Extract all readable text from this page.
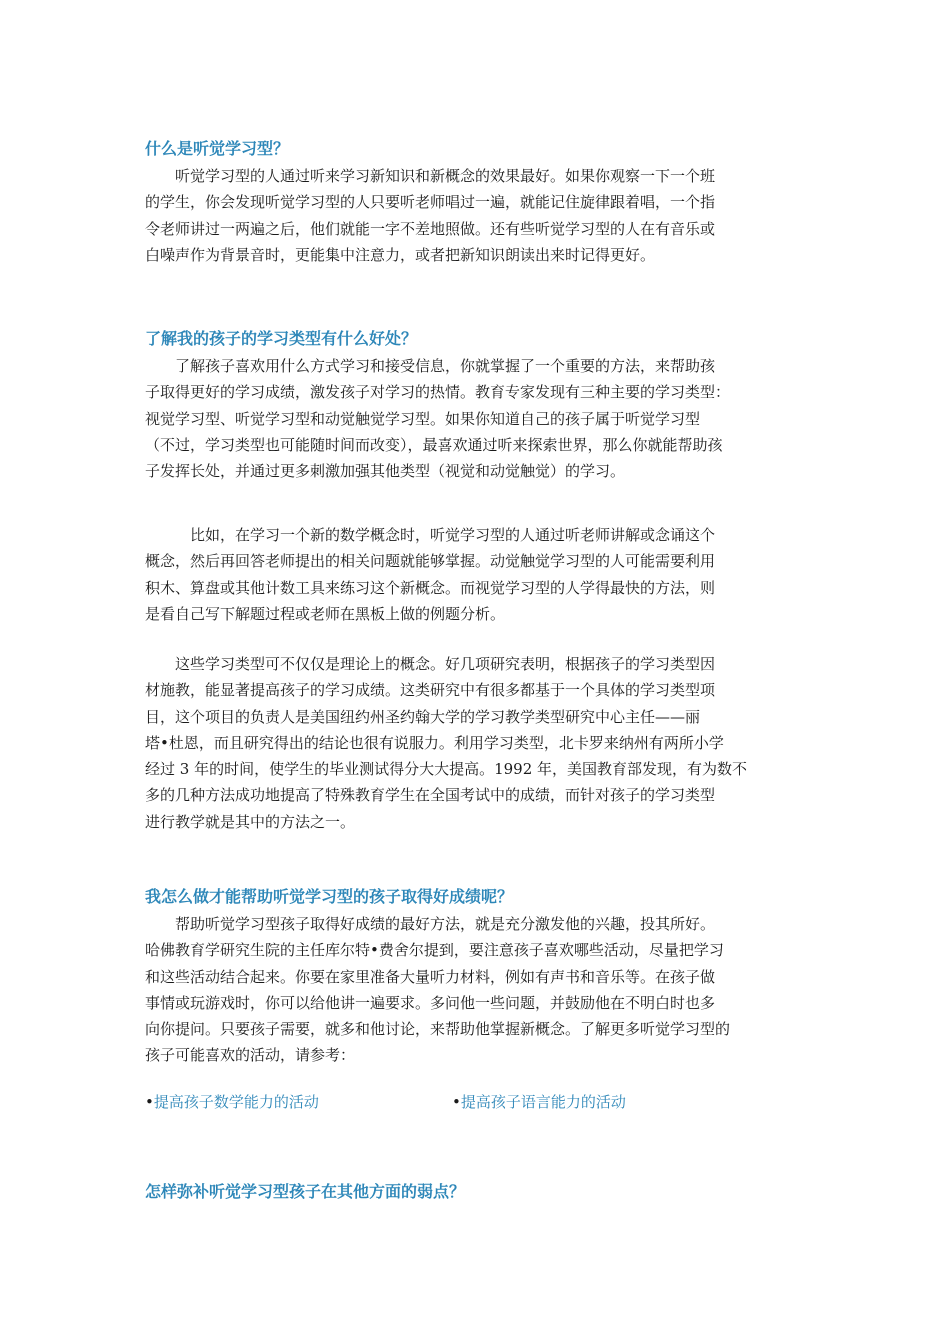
什么是听觉学习型？

　　听觉学习型的人通过听来学习新知识和新概念的效果最好。如果你观察一下一个班
的学生，你会发现听觉学习型的人只要听老师唱过一遍，就能记住旋律跟着唱，一个指
令老师讲过一两遍之后，他们就能一字不差地照做。还有些听觉学习型的人在有音乐或
白噪声作为背景音时，更能集中注意力，或者把新知识朗读出来时记得更好。

了解我的孩子的学习类型有什么好处？

　　了解孩子喜欢用什么方式学习和接受信息，你就掌握了一个重要的方法，来帮助孩
子取得更好的学习成绩，激发孩子对学习的热情。教育专家发现有三种主要的学习类型：
视觉学习型、听觉学习型和动觉触觉学习型。如果你知道自己的孩子属于听觉学习型
（不过，学习类型也可能随时间而改变），最喜欢通过听来探索世界，那么你就能帮助孩
子发挥长处，并通过更多刺激加强其他类型（视觉和动觉触觉）的学习。

　　　比如，在学习一个新的数学概念时，听觉学习型的人通过听老师讲解或念诵这个
概念，然后再回答老师提出的相关问题就能够掌握。动觉触觉学习型的人可能需要利用
积木、算盘或其他计数工具来练习这个新概念。而视觉学习型的人学得最快的方法，则
是看自己写下解题过程或老师在黑板上做的例题分析。

　　这些学习类型可不仅仅是理论上的概念。好几项研究表明，根据孩子的学习类型因
材施教，能显著提高孩子的学习成绩。这类研究中有很多都基于一个具体的学习类型项
目，这个项目的负责人是美国纽约州圣约翰大学的学习教学类型研究中心主任——丽
塔•杜恩，而且研究得出的结论也很有说服力。利用学习类型，北卡罗来纳州有两所小学
经过 3 年的时间，使学生的毕业测试得分大大提高。1992 年，美国教育部发现，有为数不
多的几种方法成功地提高了特殊教育学生在全国考试中的成绩，而针对孩子的学习类型
进行教学就是其中的方法之一。

我怎么做才能帮助听觉学习型的孩子取得好成绩呢？

　　帮助听觉学习型孩子取得好成绩的最好方法，就是充分激发他的兴趣，投其所好。
哈佛教育学研究生院的主任库尔特•费舍尔提到，要注意孩子喜欢哪些活动，尽量把学习
和这些活动结合起来。你要在家里准备大量听力材料，例如有声书和音乐等。在孩子做
事情或玩游戏时，你可以给他讲一遍要求。多问他一些问题，并鼓励他在不明白时也多
向你提问。只要孩子需要，就多和他讨论，来帮助他掌握新概念。了解更多听觉学习型的
孩子可能喜欢的活动，请参考：

•提高孩子数学能力的活动	•提高孩子语言能力的活动
怎样弥补听觉学习型孩子在其他方面的弱点？
